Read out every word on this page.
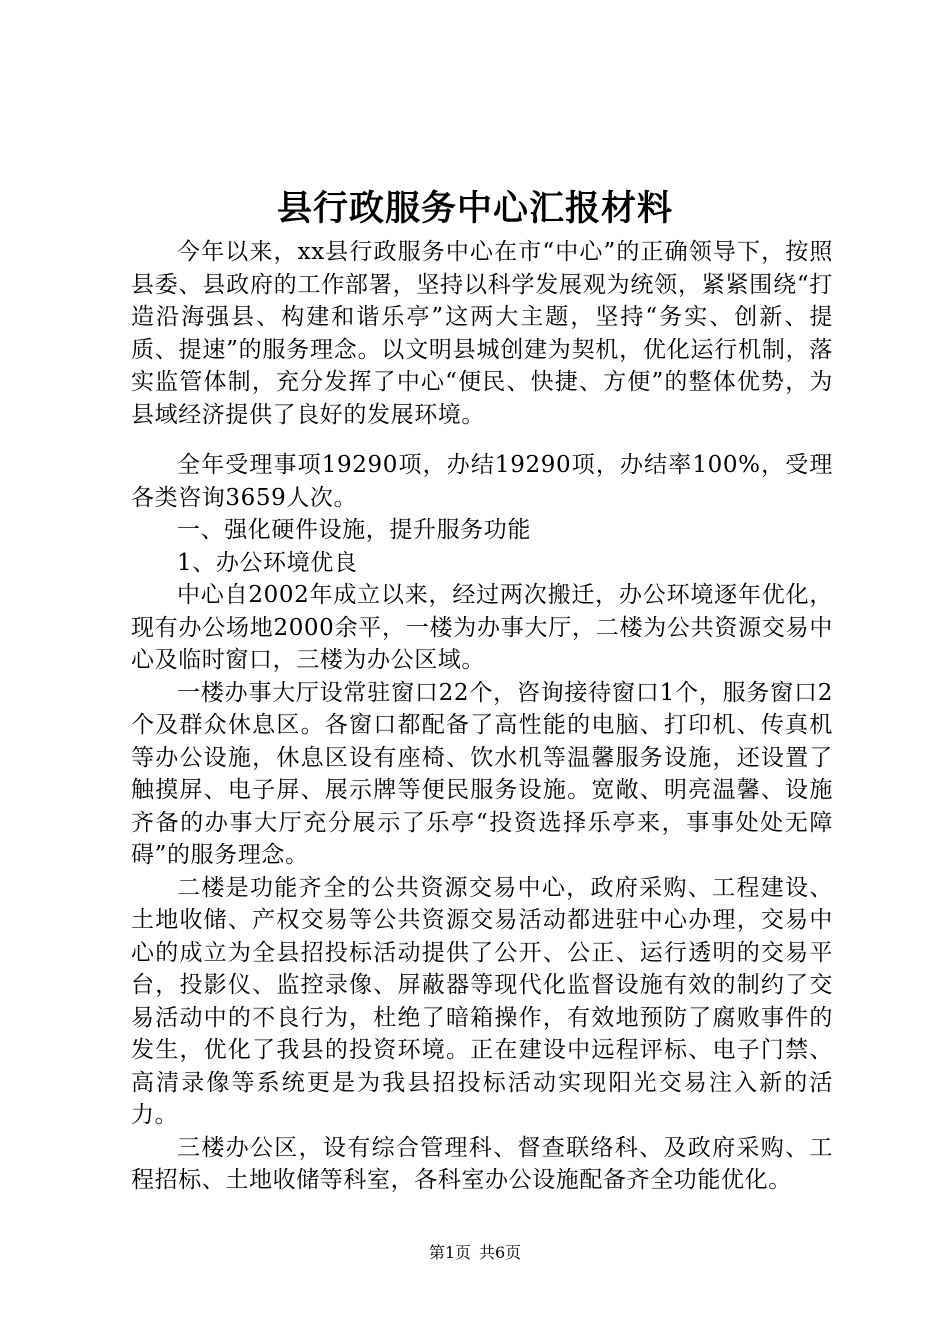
县行政服务中心汇报材料

今年以来，xx县行政服务中心在市“中心”的正确领导下，按照县委、县政府的工作部署，坚持以科学发展观为统领，紧紧围绕“打造沿海强县、构建和谐乐亭”这两大主题，坚持“务实、创新、提质、提速”的服务理念。以文明县城创建为契机，优化运行机制，落实监管体制，充分发挥了中心“便民、快捷、方便”的整体优势，为县域经济提供了良好的发展环境。

全年受理事项19290项，办结19290项，办结率100%，受理各类咨询3659人次。

一、强化硬件设施，提升服务功能

1、办公环境优良

中心自2002年成立以来，经过两次搬迁，办公环境逐年优化，现有办公场地2000余平，一楼为办事大厅，二楼为公共资源交易中心及临时窗口，三楼为办公区域。

一楼办事大厅设常驻窗口22个，咨询接待窗口1个，服务窗口2个及群众休息区。各窗口都配备了高性能的电脑、打印机、传真机等办公设施，休息区设有座椅、饮水机等温馨服务设施，还设置了触摸屏、电子屏、展示牌等便民服务设施。宽敞、明亮温馨、设施齐备的办事大厅充分展示了乐亭“投资选择乐亭来，事事处处无障碍”的服务理念。

二楼是功能齐全的公共资源交易中心，政府采购、工程建设、土地收储、产权交易等公共资源交易活动都进驻中心办理，交易中心的成立为全县招投标活动提供了公开、公正、运行透明的交易平台，投影仪、监控录像、屏蔽器等现代化监督设施有效的制约了交易活动中的不良行为，杜绝了暗箱操作，有效地预防了腐败事件的发生，优化了我县的投资环境。正在建设中远程评标、电子门禁、高清录像等系统更是为我县招投标活动实现阳光交易注入新的活力。

三楼办公区，设有综合管理科、督查联络科、及政府采购、工程招标、土地收储等科室，各科室办公设施配备齐全功能优化。

第1页 共6页
